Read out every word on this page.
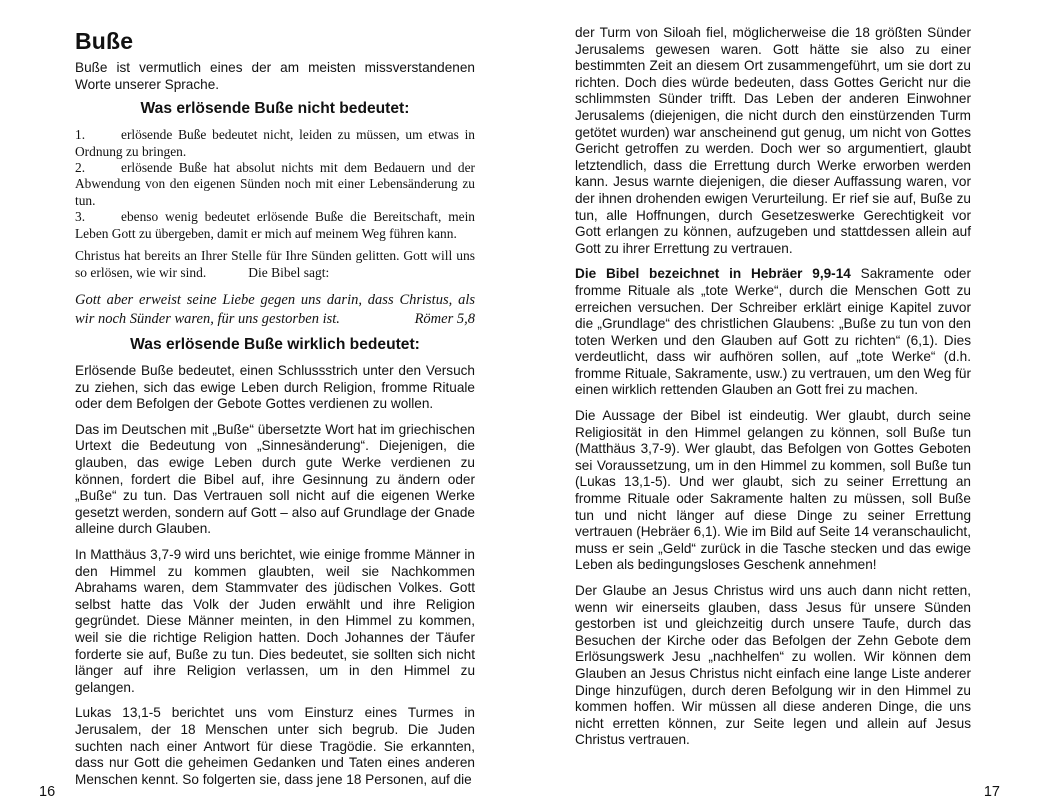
Buße

Buße ist vermutlich eines der am meisten missverstandenen Worte unserer Sprache.

Was erlösende Buße nicht bedeutet:
1.	erlösende Buße bedeutet nicht, leiden zu müssen, um etwas in Ordnung zu bringen.
2.	erlösende Buße hat absolut nichts mit dem Bedauern und der Abwendung von den eigenen Sünden noch mit einer Lebensänderung zu tun.
3.	ebenso wenig bedeutet erlösende Buße die Bereitschaft, mein Leben Gott zu übergeben, damit er mich auf meinem Weg führen kann.

Christus hat bereits an Ihrer Stelle für Ihre Sünden gelitten. Gott will uns so erlösen, wie wir sind.	Die Bibel sagt:

Gott aber erweist seine Liebe gegen uns darin, dass Christus, als wir noch Sünder waren, für uns gestorben ist.	Römer 5,8
Was erlösende Buße wirklich bedeutet:

Erlösende Buße bedeutet, einen Schlussstrich unter den Versuch zu ziehen, sich das ewige Leben durch Religion, fromme Rituale oder dem Befolgen der Gebote Gottes verdienen zu wollen.

Das im Deutschen mit „Buße“ übersetzte Wort hat im griechischen Urtext die Bedeutung von „Sinnesänderung“. Diejenigen, die glauben, das ewige Leben durch gute Werke verdienen zu können, fordert die Bibel auf, ihre Gesinnung zu ändern oder „Buße“ zu tun. Das Vertrauen soll nicht auf die eigenen Werke gesetzt werden, sondern auf Gott – also auf Grundlage der Gnade alleine durch Glauben.

In Matthäus 3,7-9 wird uns berichtet, wie einige fromme Männer in den Himmel zu kommen glaubten, weil sie Nachkommen Abrahams waren, dem Stammvater des jüdischen Volkes. Gott selbst hatte das Volk der Juden erwählt und ihre Religion gegründet. Diese Männer meinten, in den Himmel zu kommen, weil sie die richtige Religion hatten. Doch Johannes der Täufer forderte sie auf, Buße zu tun. Dies bedeutet, sie sollten sich nicht länger auf ihre Religion verlassen, um in den Himmel zu gelangen.

Lukas 13,1-5 berichtet uns vom Einsturz eines Turmes in Jerusalem, der 18 Menschen unter sich begrub. Die Juden suchten nach einer Antwort für diese Tragödie. Sie erkannten, dass nur Gott die geheimen Gedanken und Taten eines anderen Menschen kennt. So folgerten sie, dass jene 18 Personen, auf die

der Turm von Siloah fiel, möglicherweise die 18 größten Sünder Jerusalems gewesen waren. Gott hätte sie also zu einer bestimmten Zeit an diesem Ort zusammengeführt, um sie dort zu richten. Doch dies würde bedeuten, dass Gottes Gericht nur die schlimmsten Sünder trifft. Das Leben der anderen Einwohner Jerusalems (diejenigen, die nicht durch den einstürzenden Turm getötet wurden) war anscheinend gut genug, um nicht von Gottes Gericht getroffen zu werden. Doch wer so argumentiert, glaubt letztendlich, dass die Errettung durch Werke erworben werden kann. Jesus warnte diejenigen, die dieser Auffassung waren, vor der ihnen drohenden ewigen Verurteilung. Er rief sie auf, Buße zu tun, alle Hoffnungen, durch Gesetzeswerke Gerechtigkeit vor Gott erlangen zu können, aufzugeben und stattdessen allein auf Gott zu ihrer Errettung zu vertrauen.

Die Bibel bezeichnet in Hebräer 9,9-14 Sakramente oder fromme Rituale als „tote Werke“, durch die Menschen Gott zu erreichen versuchen. Der Schreiber erklärt einige Kapitel zuvor die „Grundlage“ des christlichen Glaubens: „Buße zu tun von den toten Werken und den Glauben auf Gott zu richten“ (6,1). Dies verdeutlicht, dass wir aufhören sollen, auf „tote Werke“ (d.h. fromme Rituale, Sakramente, usw.) zu vertrauen, um den Weg für einen wirklich rettenden Glauben an Gott frei zu machen.

Die Aussage der Bibel ist eindeutig. Wer glaubt, durch seine Religiosität in den Himmel gelangen zu können, soll Buße tun (Matthäus 3,7-9). Wer glaubt, das Befolgen von Gottes Geboten sei Voraussetzung, um in den Himmel zu kommen, soll Buße tun (Lukas 13,1-5). Und wer glaubt, sich zu seiner Errettung an fromme Rituale oder Sakramente halten zu müssen, soll Buße tun und nicht länger auf diese Dinge zu seiner Errettung vertrauen (Hebräer 6,1). Wie im Bild auf Seite 14 veranschaulicht, muss er sein „Geld“ zurück in die Tasche stecken und das ewige Leben als bedingungsloses Geschenk annehmen!

Der Glaube an Jesus Christus wird uns auch dann nicht retten, wenn wir einerseits glauben, dass Jesus für unsere Sünden gestorben ist und gleichzeitig durch unsere Taufe, durch das Besuchen der Kirche oder das Befolgen der Zehn Gebote dem Erlösungswerk Jesu „nachhelfen“ zu wollen. Wir können dem Glauben an Jesus Christus nicht einfach eine lange Liste anderer Dinge hinzufügen, durch deren Befolgung wir in den Himmel zu kommen hoffen. Wir müssen all diese anderen Dinge, die uns nicht erretten können, zur Seite legen und allein auf Jesus Christus vertrauen.

16	17
